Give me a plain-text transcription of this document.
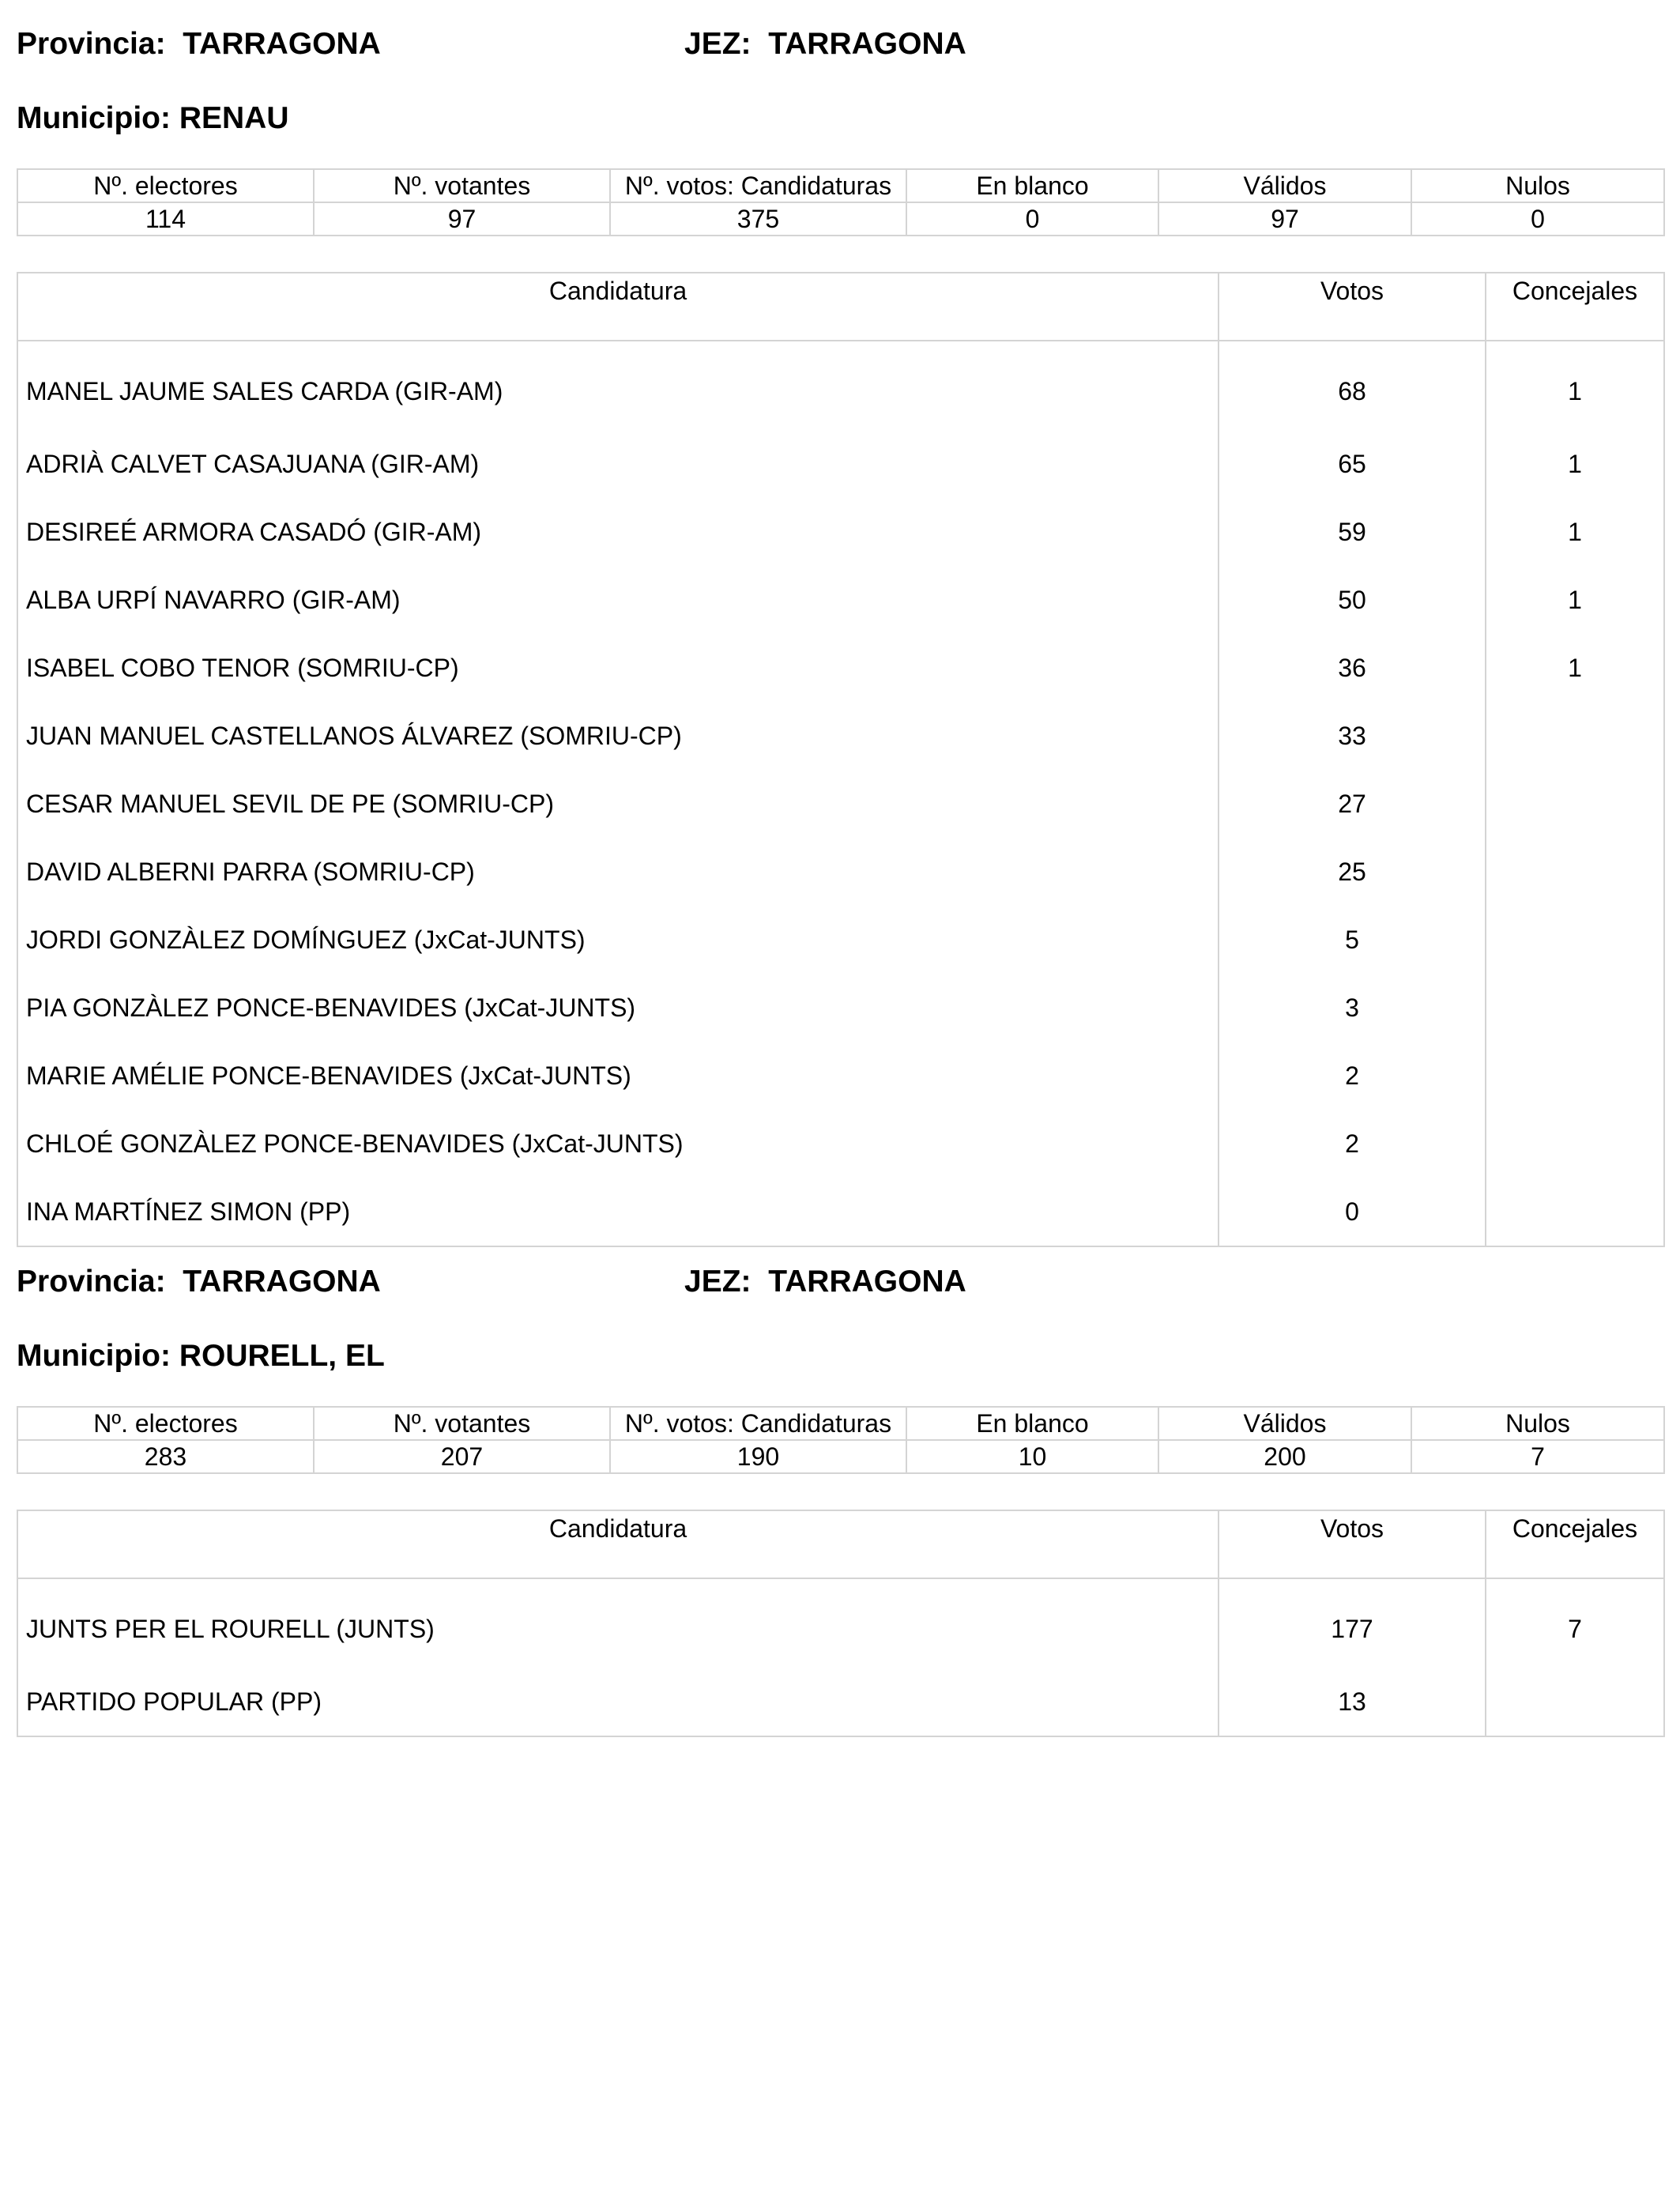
Provincia: TARRAGONA	JEZ: TARRAGONA
Municipio: RENAU
Nº. electores	Nº. votantes	Nº. votos: Candidaturas	En blanco	Válidos	Nulos
114	97	375	0	97	0
Candidatura	Votos	Concejales
MANEL JAUME SALES CARDA (GIR-AM)	68	1
ADRIÀ CALVET CASAJUANA (GIR-AM)	65	1
DESIREÉ ARMORA CASADÓ (GIR-AM)	59	1
ALBA URPÍ NAVARRO (GIR-AM)	50	1
ISABEL COBO TENOR (SOMRIU-CP)	36	1
JUAN MANUEL CASTELLANOS ÁLVAREZ (SOMRIU-CP)	33	
CESAR MANUEL SEVIL DE PE (SOMRIU-CP)	27	
DAVID ALBERNI PARRA (SOMRIU-CP)	25	
JORDI GONZÀLEZ DOMÍNGUEZ (JxCat-JUNTS)	5	
PIA GONZÀLEZ PONCE-BENAVIDES (JxCat-JUNTS)	3	
MARIE AMÉLIE PONCE-BENAVIDES (JxCat-JUNTS)	2	
CHLOÉ GONZÀLEZ PONCE-BENAVIDES (JxCat-JUNTS)	2	
INA MARTÍNEZ SIMON (PP)	0	
Provincia: TARRAGONA	JEZ: TARRAGONA
Municipio: ROURELL, EL
Nº. electores	Nº. votantes	Nº. votos: Candidaturas	En blanco	Válidos	Nulos
283	207	190	10	200	7
Candidatura	Votos	Concejales
JUNTS PER EL ROURELL (JUNTS)	177	7
PARTIDO POPULAR (PP)	13	
